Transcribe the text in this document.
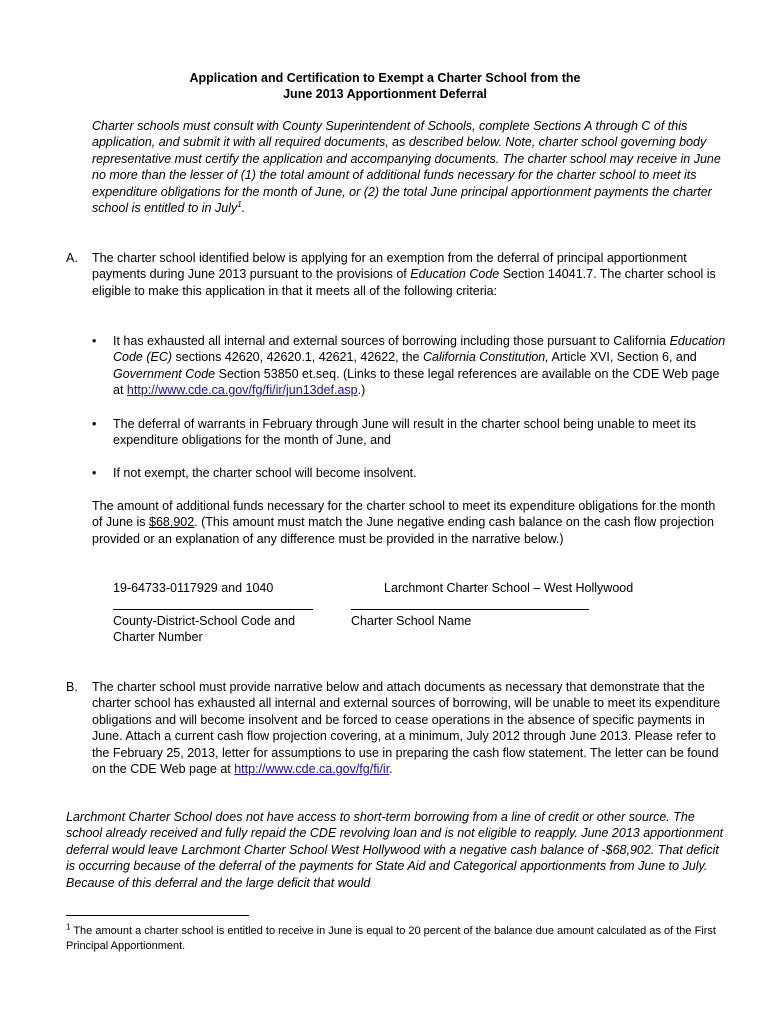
Application and Certification to Exempt a Charter School from the
June 2013 Apportionment Deferral
Charter schools must consult with County Superintendent of Schools, complete Sections A through C of this application, and submit it with all required documents, as described below. Note, charter school governing body representative must certify the application and accompanying documents. The charter school may receive in June no more than the lesser of (1) the total amount of additional funds necessary for the charter school to meet its expenditure obligations for the month of June, or (2) the total June principal apportionment payments the charter school is entitled to in July$^1$.
A. The charter school identified below is applying for an exemption from the deferral of principal apportionment payments during June 2013 pursuant to the provisions of Education Code Section 14041.7. The charter school is eligible to make this application in that it meets all of the following criteria:
• It has exhausted all internal and external sources of borrowing including those pursuant to California Education Code (EC) sections 42620, 42620.1, 42621, 42622, the California Constitution, Article XVI, Section 6, and Government Code Section 53850 et.seq. (Links to these legal references are available on the CDE Web page at http://www.cde.ca.gov/fg/fi/ir/jun13def.asp.)
• The deferral of warrants in February through June will result in the charter school being unable to meet its expenditure obligations for the month of June, and
• If not exempt, the charter school will become insolvent.
The amount of additional funds necessary for the charter school to meet its expenditure obligations for the month of June is $68,902. (This amount must match the June negative ending cash balance on the cash flow projection provided or an explanation of any difference must be provided in the narrative below.)
19-64733-0117929 and 1040	Larchmont Charter School – West Hollywood
County-District-School Code and
Charter Number
Charter School Name
B. The charter school must provide narrative below and attach documents as necessary that demonstrate that the charter school has exhausted all internal and external sources of borrowing, will be unable to meet its expenditure obligations and will become insolvent and be forced to cease operations in the absence of specific payments in June. Attach a current cash flow projection covering, at a minimum, July 2012 through June 2013. Please refer to the February 25, 2013, letter for assumptions to use in preparing the cash flow statement. The letter can be found on the CDE Web page at http://www.cde.ca.gov/fg/fi/ir.
Larchmont Charter School does not have access to short-term borrowing from a line of credit or other source. The school already received and fully repaid the CDE revolving loan and is not eligible to reapply. June 2013 apportionment deferral would leave Larchmont Charter School West Hollywood with a negative cash balance of -$68,902. That deficit is occurring because of the deferral of the payments for State Aid and Categorical apportionments from June to July. Because of this deferral and the large deficit that would
$^1$ The amount a charter school is entitled to receive in June is equal to 20 percent of the balance due amount calculated as of the First Principal Apportionment.
